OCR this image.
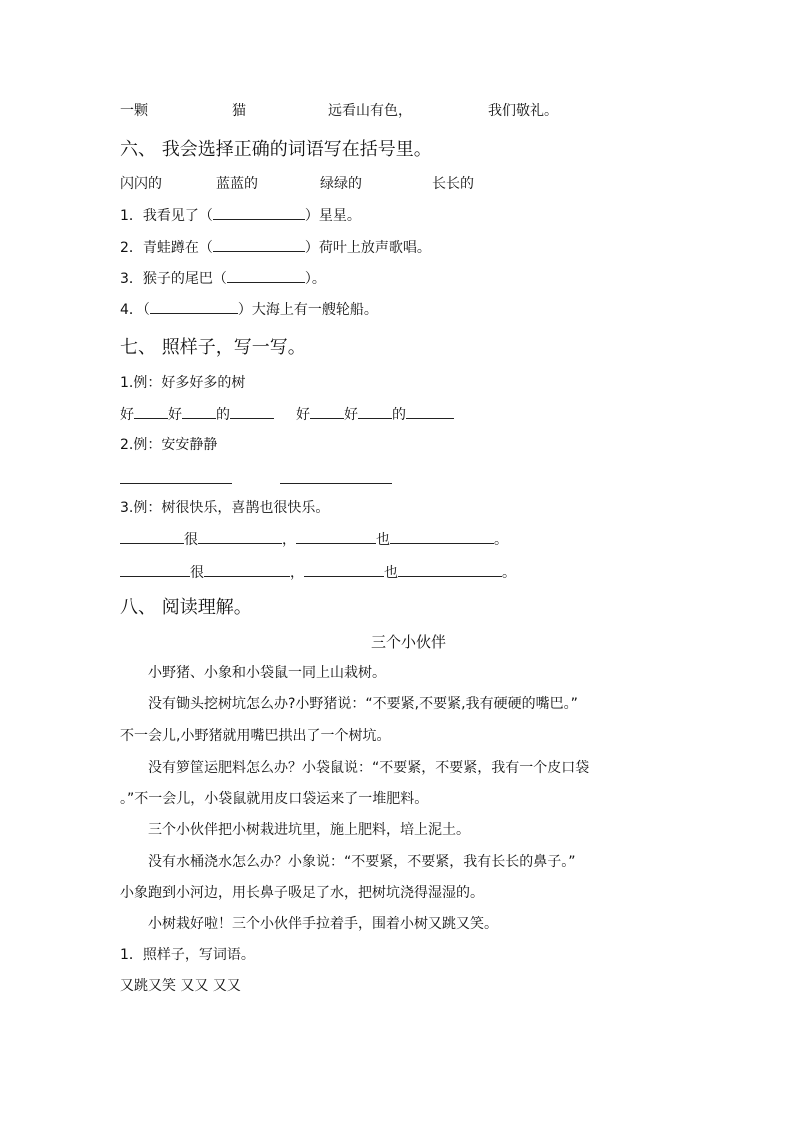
一颗	猫	远看山有色，	我们敬礼。
六、 我会选择正确的词语写在括号里。
闪闪的	蓝蓝的	绿绿的	长长的
1．我看见了（	）星星。
2．青蛙蹲在（	）荷叶上放声歌唱。
3．猴子的尾巴（	）。
4．（	）大海上有一艘轮船。
七、 照样子，写一写。
1.例：好多好多的树
好 好 的	好 好 的
2.例：安安静静
3.例：树很快乐，喜鹊也很快乐。
很	，	也	。
很	，	也	。
八、 阅读理解。
三个小伙伴
小野猪、小象和小袋鼠一同上山栽树。
没有锄头挖树坑怎么办?小野猪说：“不要紧,不要紧,我有硬硬的嘴巴。”
不一会儿,小野猪就用嘴巴拱出了一个树坑。
没有箩筐运肥料怎么办？小袋鼠说：“不要紧，不要紧，我有一个皮口袋
。”不一会儿，小袋鼠就用皮口袋运来了一堆肥料。
三个小伙伴把小树栽进坑里，施上肥料，培上泥土。
没有水桶浇水怎么办？小象说：“不要紧，不要紧，我有长长的鼻子。”
小象跑到小河边，用长鼻子吸足了水，把树坑浇得湿湿的。
小树栽好啦！三个小伙伴手拉着手，围着小树又跳又笑。
1．照样子，写词语。
又跳又笑 又又 又又
